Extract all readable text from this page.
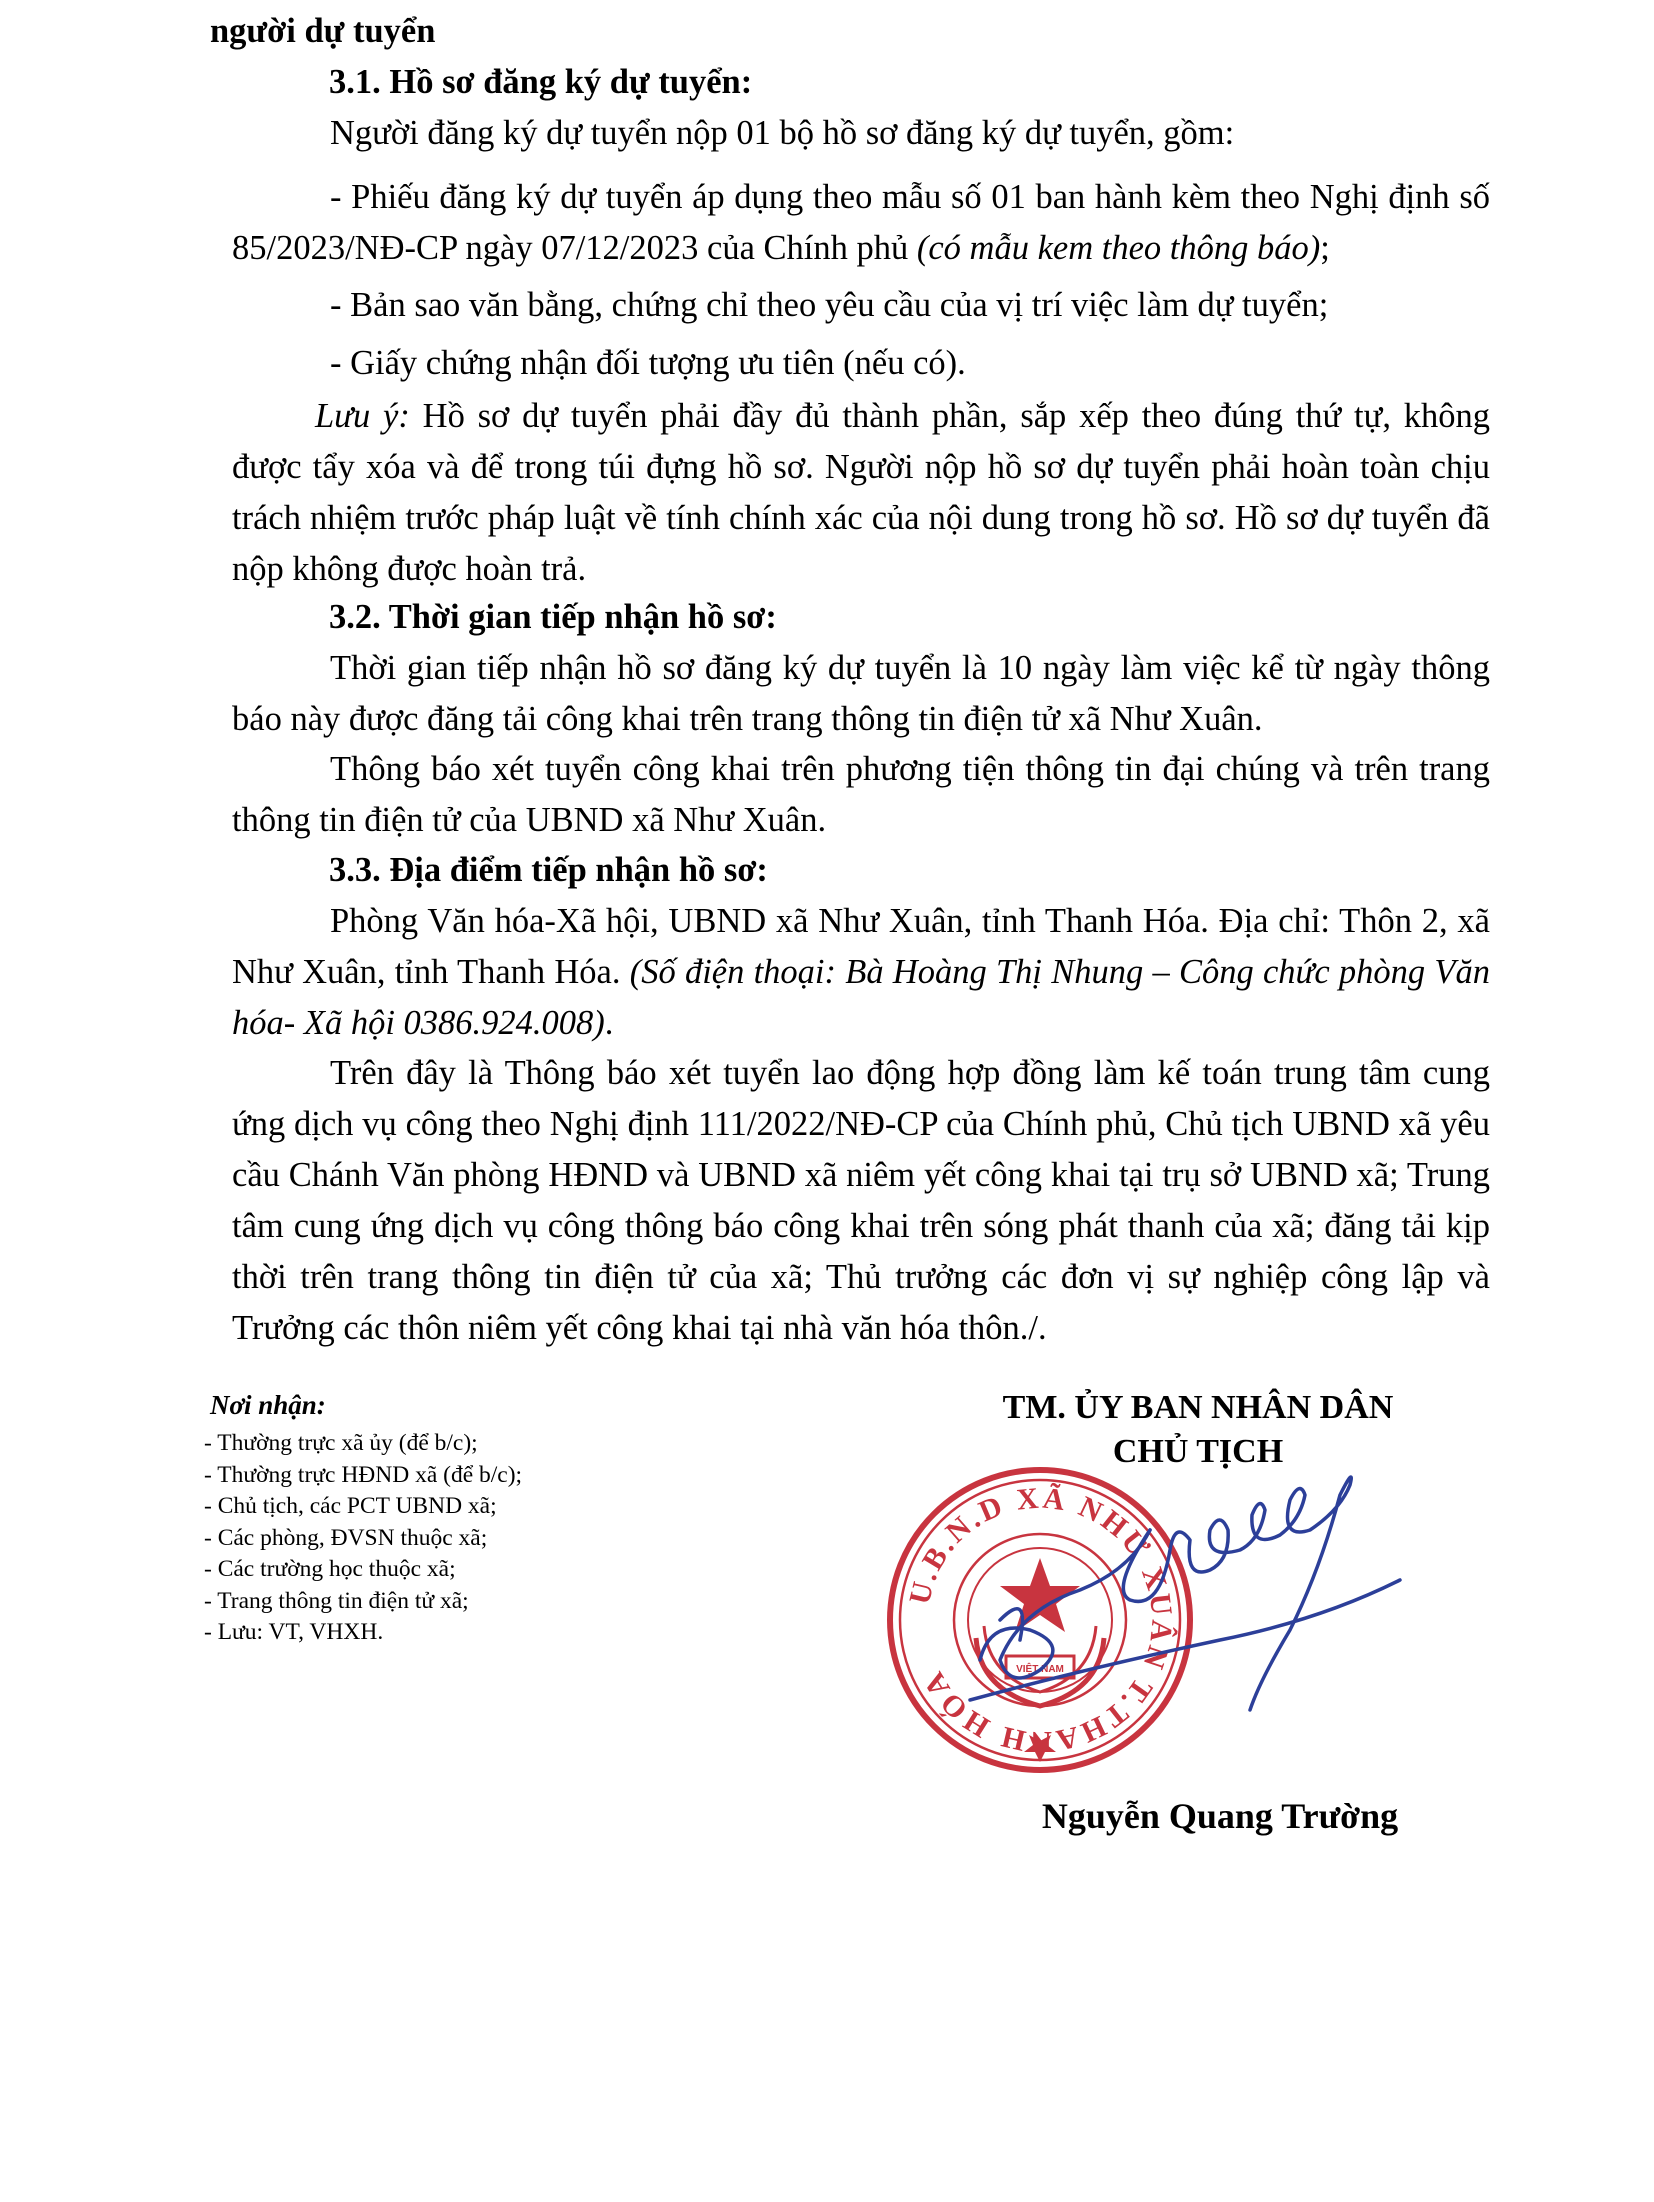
người dự tuyển

3.1. Hồ sơ đăng ký dự tuyển:

Người đăng ký dự tuyển nộp 01 bộ hồ sơ đăng ký dự tuyển, gồm:

- Phiếu đăng ký dự tuyển áp dụng theo mẫu số 01 ban hành kèm theo Nghị định số 85/2023/NĐ-CP ngày 07/12/2023 của Chính phủ (có mẫu kem theo thông báo);

- Bản sao văn bằng, chứng chỉ theo yêu cầu của vị trí việc làm dự tuyển;

- Giấy chứng nhận đối tượng ưu tiên (nếu có).

Lưu ý: Hồ sơ dự tuyển phải đầy đủ thành phần, sắp xếp theo đúng thứ tự, không được tẩy xóa và để trong túi đựng hồ sơ. Người nộp hồ sơ dự tuyển phải hoàn toàn chịu trách nhiệm trước pháp luật về tính chính xác của nội dung trong hồ sơ. Hồ sơ dự tuyển đã nộp không được hoàn trả.

3.2. Thời gian tiếp nhận hồ sơ:

Thời gian tiếp nhận hồ sơ đăng ký dự tuyển là 10 ngày làm việc kể từ ngày thông báo này được đăng tải công khai trên trang thông tin điện tử xã Như Xuân.

Thông báo xét tuyển công khai trên phương tiện thông tin đại chúng và trên trang thông tin điện tử của UBND xã Như Xuân.

3.3. Địa điểm tiếp nhận hồ sơ:

Phòng Văn hóa-Xã hội, UBND xã Như Xuân, tỉnh Thanh Hóa. Địa chỉ: Thôn 2, xã Như Xuân, tỉnh Thanh Hóa. (Số điện thoại: Bà Hoàng Thị Nhung – Công chức phòng Văn hóa- Xã hội 0386.924.008).

Trên đây là Thông báo xét tuyển lao động hợp đồng làm kế toán trung tâm cung ứng dịch vụ công theo Nghị định 111/2022/NĐ-CP của Chính phủ, Chủ tịch UBND xã yêu cầu Chánh Văn phòng HĐND và UBND xã niêm yết công khai tại trụ sở UBND xã; Trung tâm cung ứng dịch vụ công thông báo công khai trên sóng phát thanh của xã; đăng tải kịp thời trên trang thông tin điện tử của xã; Thủ trưởng các đơn vị sự nghiệp công lập và Trưởng các thôn niêm yết công khai tại nhà văn hóa thôn./.

Nơi nhận:
- Thường trực xã ủy (để b/c);
- Thường trực HĐND xã (để b/c);
- Chủ tịch, các PCT UBND xã;
- Các phòng, ĐVSN thuộc xã;
- Các trường học thuộc xã;
- Trang thông tin điện tử xã;
- Lưu: VT, VHXH.
TM. ỦY BAN NHÂN DÂN
CHỦ TỊCH
U.B.N.D XÃ NHƯ XUÂN T.THANH HÓA	VIỆT NAM
Nguyễn Quang Trường
